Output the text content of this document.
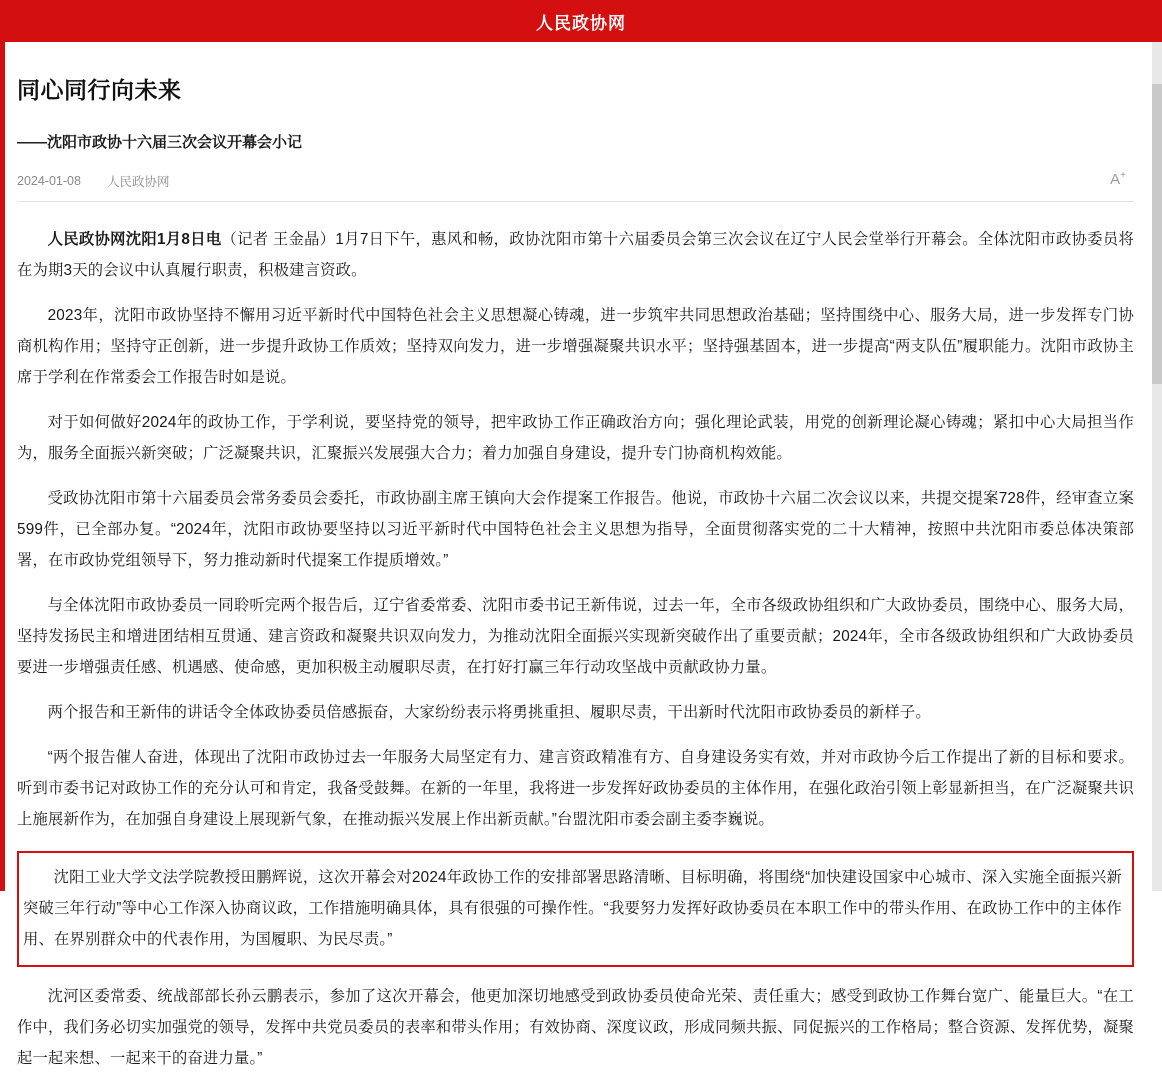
人民政协网
同心同行向未来
——沈阳市政协十六届三次会议开幕会小记
2024-01-08 人民政协网	A+

人民政协网沈阳1月8日电（记者 王金晶）1月7日下午，惠风和畅，政协沈阳市第十六届委员会第三次会议在辽宁人民会堂举行开幕会。全体沈阳市政协委员将在为期3天的会议中认真履行职责，积极建言资政。

2023年，沈阳市政协坚持不懈用习近平新时代中国特色社会主义思想凝心铸魂，进一步筑牢共同思想政治基础；坚持围绕中心、服务大局，进一步发挥专门协商机构作用；坚持守正创新，进一步提升政协工作质效；坚持双向发力，进一步增强凝聚共识水平；坚持强基固本，进一步提高“两支队伍”履职能力。沈阳市政协主席于学利在作常委会工作报告时如是说。

对于如何做好2024年的政协工作，于学利说，要坚持党的领导，把牢政协工作正确政治方向；强化理论武装，用党的创新理论凝心铸魂；紧扣中心大局担当作为，服务全面振兴新突破；广泛凝聚共识，汇聚振兴发展强大合力；着力加强自身建设，提升专门协商机构效能。

受政协沈阳市第十六届委员会常务委员会委托，市政协副主席王镇向大会作提案工作报告。他说，市政协十六届二次会议以来，共提交提案728件，经审查立案599件，已全部办复。“2024年，沈阳市政协要坚持以习近平新时代中国特色社会主义思想为指导，全面贯彻落实党的二十大精神，按照中共沈阳市委总体决策部署，在市政协党组领导下，努力推动新时代提案工作提质增效。”

与全体沈阳市政协委员一同聆听完两个报告后，辽宁省委常委、沈阳市委书记王新伟说，过去一年，全市各级政协组织和广大政协委员，围绕中心、服务大局，坚持发扬民主和增进团结相互贯通、建言资政和凝聚共识双向发力，为推动沈阳全面振兴实现新突破作出了重要贡献；2024年，全市各级政协组织和广大政协委员要进一步增强责任感、机遇感、使命感，更加积极主动履职尽责，在打好打赢三年行动攻坚战中贡献政协力量。

两个报告和王新伟的讲话令全体政协委员倍感振奋，大家纷纷表示将勇挑重担、履职尽责，干出新时代沈阳市政协委员的新样子。

“两个报告催人奋进，体现出了沈阳市政协过去一年服务大局坚定有力、建言资政精准有方、自身建设务实有效，并对市政协今后工作提出了新的目标和要求。听到市委书记对政协工作的充分认可和肯定，我备受鼓舞。在新的一年里，我将进一步发挥好政协委员的主体作用，在强化政治引领上彰显新担当，在广泛凝聚共识上施展新作为，在加强自身建设上展现新气象，在推动振兴发展上作出新贡献。”台盟沈阳市委会副主委李巍说。

沈阳工业大学文法学院教授田鹏辉说，这次开幕会对2024年政协工作的安排部署思路清晰、目标明确，将围绕“加快建设国家中心城市、深入实施全面振兴新突破三年行动”等中心工作深入协商议政，工作措施明确具体，具有很强的可操作性。“我要努力发挥好政协委员在本职工作中的带头作用、在政协工作中的主体作用、在界别群众中的代表作用，为国履职、为民尽责。”

沈河区委常委、统战部部长孙云鹏表示，参加了这次开幕会，他更加深切地感受到政协委员使命光荣、责任重大；感受到政协工作舞台宽广、能量巨大。“在工作中，我们务必切实加强党的领导，发挥中共党员委员的表率和带头作用；有效协商、深度议政，形成同频共振、同促振兴的工作格局；整合资源、发挥优势，凝聚起一起来想、一起来干的奋进力量。”
